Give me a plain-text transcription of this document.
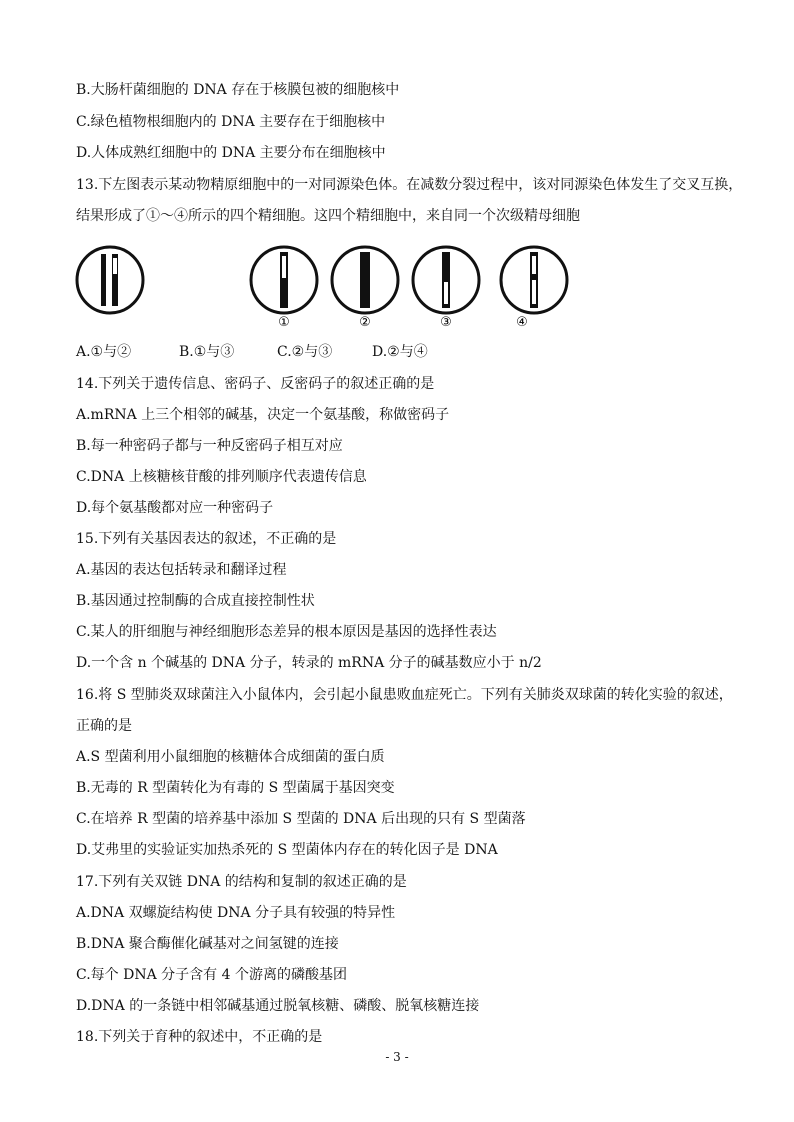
B.大肠杆菌细胞的 DNA 存在于核膜包被的细胞核中
C.绿色植物根细胞内的 DNA 主要存在于细胞核中
D.人体成熟红细胞中的 DNA 主要分布在细胞核中
13.下左图表示某动物精原细胞中的一对同源染色体。在减数分裂过程中，该对同源染色体发生了交叉互换，
结果形成了①～④所示的四个精细胞。这四个精细胞中，来自同一个次级精母细胞
①	②	③	④
A.①与②	B.①与③	C.②与③	D.②与④
14.下列关于遗传信息、密码子、反密码子的叙述正确的是
A.mRNA 上三个相邻的碱基，决定一个氨基酸，称做密码子
B.每一种密码子都与一种反密码子相互对应
C.DNA 上核糖核苷酸的排列顺序代表遗传信息
D.每个氨基酸都对应一种密码子
15.下列有关基因表达的叙述，不正确的是
A.基因的表达包括转录和翻译过程
B.基因通过控制酶的合成直接控制性状
C.某人的肝细胞与神经细胞形态差异的根本原因是基因的选择性表达
D.一个含 n 个碱基的 DNA 分子，转录的 mRNA 分子的碱基数应小于 n/2
16.将 S 型肺炎双球菌注入小鼠体内，会引起小鼠患败血症死亡。下列有关肺炎双球菌的转化实验的叙述，
正确的是
A.S 型菌利用小鼠细胞的核糖体合成细菌的蛋白质
B.无毒的 R 型菌转化为有毒的 S 型菌属于基因突变
C.在培养 R 型菌的培养基中添加 S 型菌的 DNA 后出现的只有 S 型菌落
D.艾弗里的实验证实加热杀死的 S 型菌体内存在的转化因子是 DNA
17.下列有关双链 DNA 的结构和复制的叙述正确的是
A.DNA 双螺旋结构使 DNA 分子具有较强的特异性
B.DNA 聚合酶催化碱基对之间氢键的连接
C.每个 DNA 分子含有 4 个游离的磷酸基团
D.DNA 的一条链中相邻碱基通过脱氧核糖、磷酸、脱氧核糖连接
18.下列关于育种的叙述中，不正确的是
- 3 -
